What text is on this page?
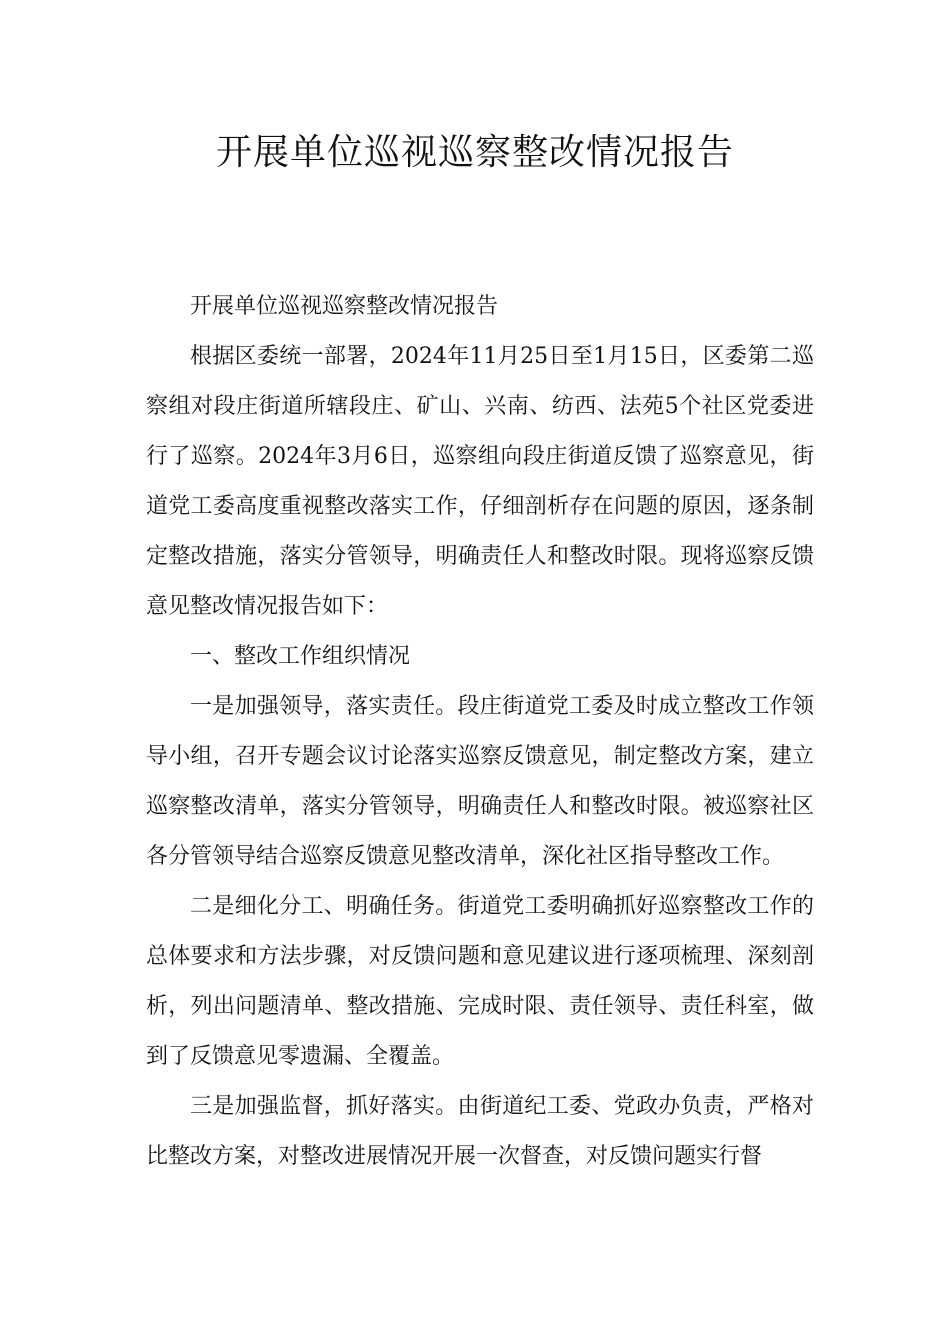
开展单位巡视巡察整改情况报告

开展单位巡视巡察整改情况报告

根据区委统一部署，2024年11月25日至1月15日，区委第二巡察组对段庄街道所辖段庄、矿山、兴南、纺西、法苑5个社区党委进行了巡察。2024年3月6日，巡察组向段庄街道反馈了巡察意见，街道党工委高度重视整改落实工作，仔细剖析存在问题的原因，逐条制定整改措施，落实分管领导，明确责任人和整改时限。现将巡察反馈意见整改情况报告如下：

一、整改工作组织情况

一是加强领导，落实责任。段庄街道党工委及时成立整改工作领导小组，召开专题会议讨论落实巡察反馈意见，制定整改方案，建立巡察整改清单，落实分管领导，明确责任人和整改时限。被巡察社区各分管领导结合巡察反馈意见整改清单，深化社区指导整改工作。

二是细化分工、明确任务。街道党工委明确抓好巡察整改工作的总体要求和方法步骤，对反馈问题和意见建议进行逐项梳理、深刻剖析，列出问题清单、整改措施、完成时限、责任领导、责任科室，做到了反馈意见零遗漏、全覆盖。

三是加强监督，抓好落实。由街道纪工委、党政办负责，严格对比整改方案，对整改进展情况开展一次督查，对反馈问题实行督
